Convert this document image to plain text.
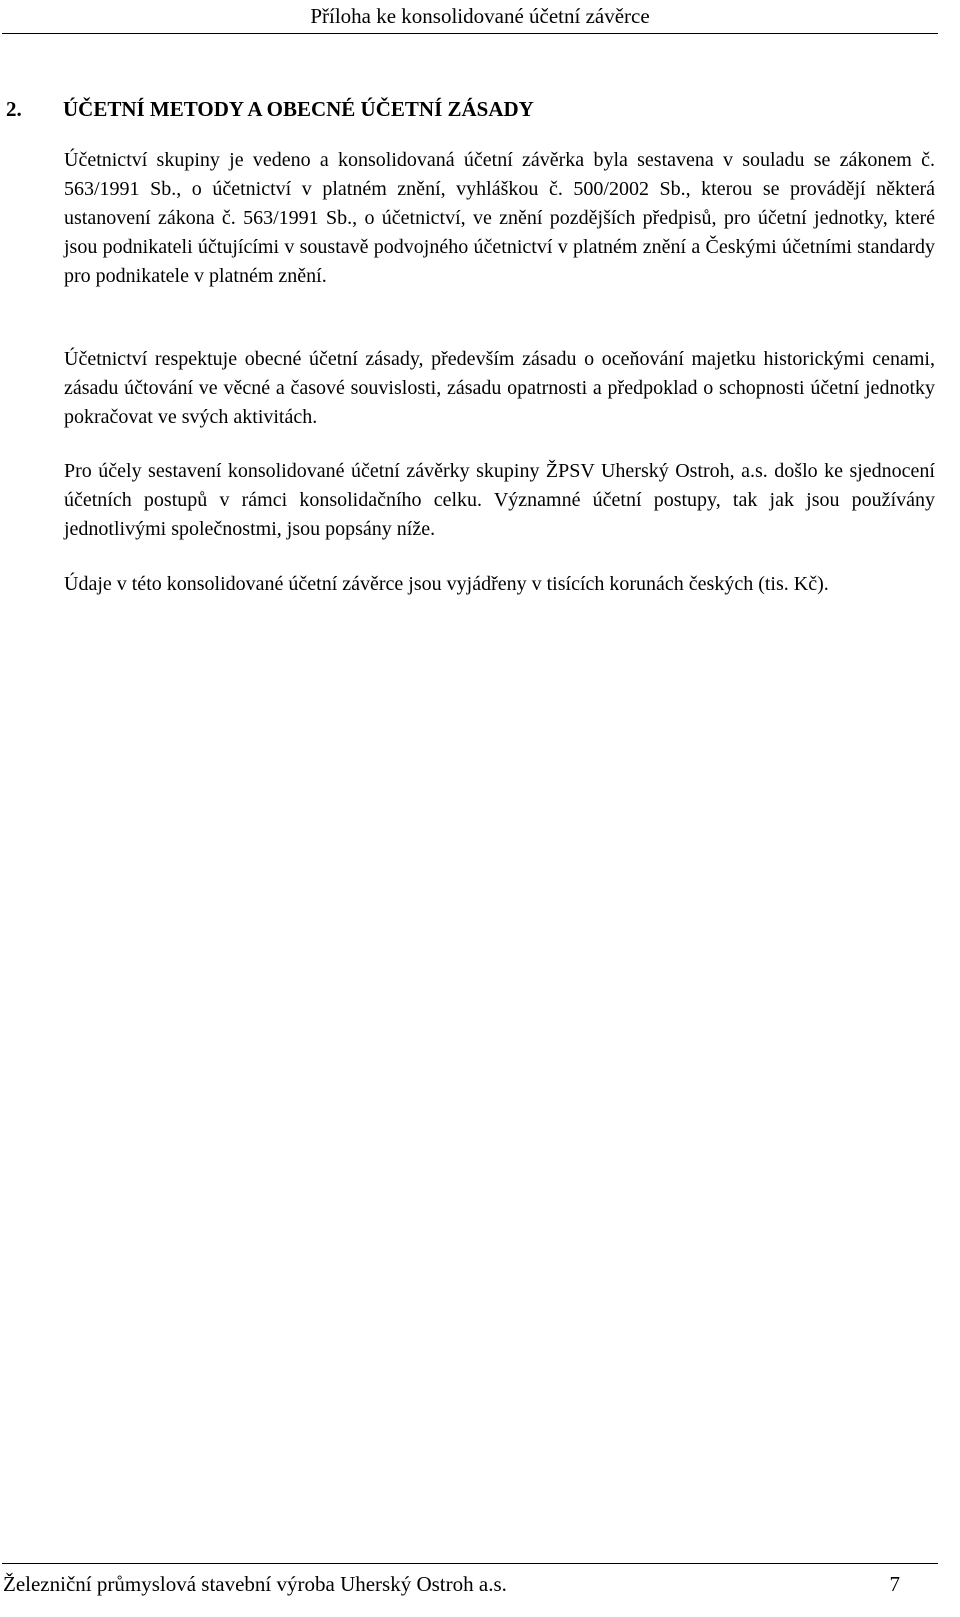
Příloha ke konsolidované účetní závěrce
2. ÚČETNÍ METODY A OBECNÉ ÚČETNÍ ZÁSADY

Účetnictví skupiny je vedeno a konsolidovaná účetní závěrka byla sestavena v souladu se zákonem č. 563/1991 Sb., o účetnictví v platném znění, vyhláškou č. 500/2002 Sb., kterou se provádějí některá ustanovení zákona č. 563/1991 Sb., o účetnictví, ve znění pozdějších předpisů, pro účetní jednotky, které jsou podnikateli účtujícími v soustavě podvojného účetnictví v platném znění a Českými účetními standardy pro podnikatele v platném znění.

Účetnictví respektuje obecné účetní zásady, především zásadu o oceňování majetku historickými cenami, zásadu účtování ve věcné a časové souvislosti, zásadu opatrnosti a předpoklad o schopnosti účetní jednotky pokračovat ve svých aktivitách.

Pro účely sestavení konsolidované účetní závěrky skupiny ŽPSV Uherský Ostroh, a.s. došlo ke sjednocení účetních postupů v rámci konsolidačního celku. Významné účetní postupy, tak jak jsou používány jednotlivými společnostmi, jsou popsány níže.

Údaje v této konsolidované účetní závěrce jsou vyjádřeny v tisících korunách českých (tis. Kč).

Železniční průmyslová stavební výroba Uherský Ostroh a.s.	7
